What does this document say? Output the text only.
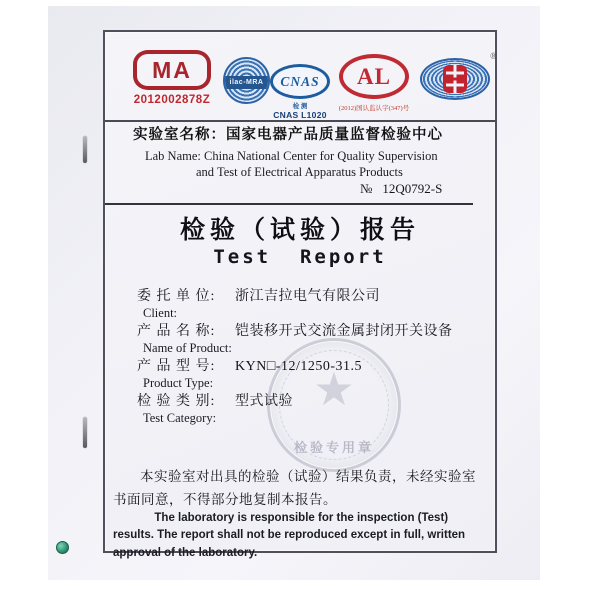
MA
2012002878Z
ilac-MRA	CNAS
检 测
CNAS L1020
AL
(2012)国认监认字(347)号
®
实验室名称：国家电器产品质量监督检验中心
Lab Name: China National Center for Quality Supervision
and Test of Electrical Apparatus Products
№ 12Q0792-S
检验（试验）报告
Test  Report
★
检验专用章
委 托 单 位: 浙江吉拉电气有限公司
Client:
产 品 名 称: 铠装移开式交流金属封闭开关设备
Name of Product:
产 品 型 号: KYN□-12/1250-31.5
Product Type:
检 验 类 别: 型式试验
Test Category:
本实验室对出具的检验（试验）结果负责，未经实验室书面同意，不得部分地复制本报告。
The laboratory is responsible for the inspection (Test) results. The report shall not be reproduced except in full, written approval of the laboratory.
